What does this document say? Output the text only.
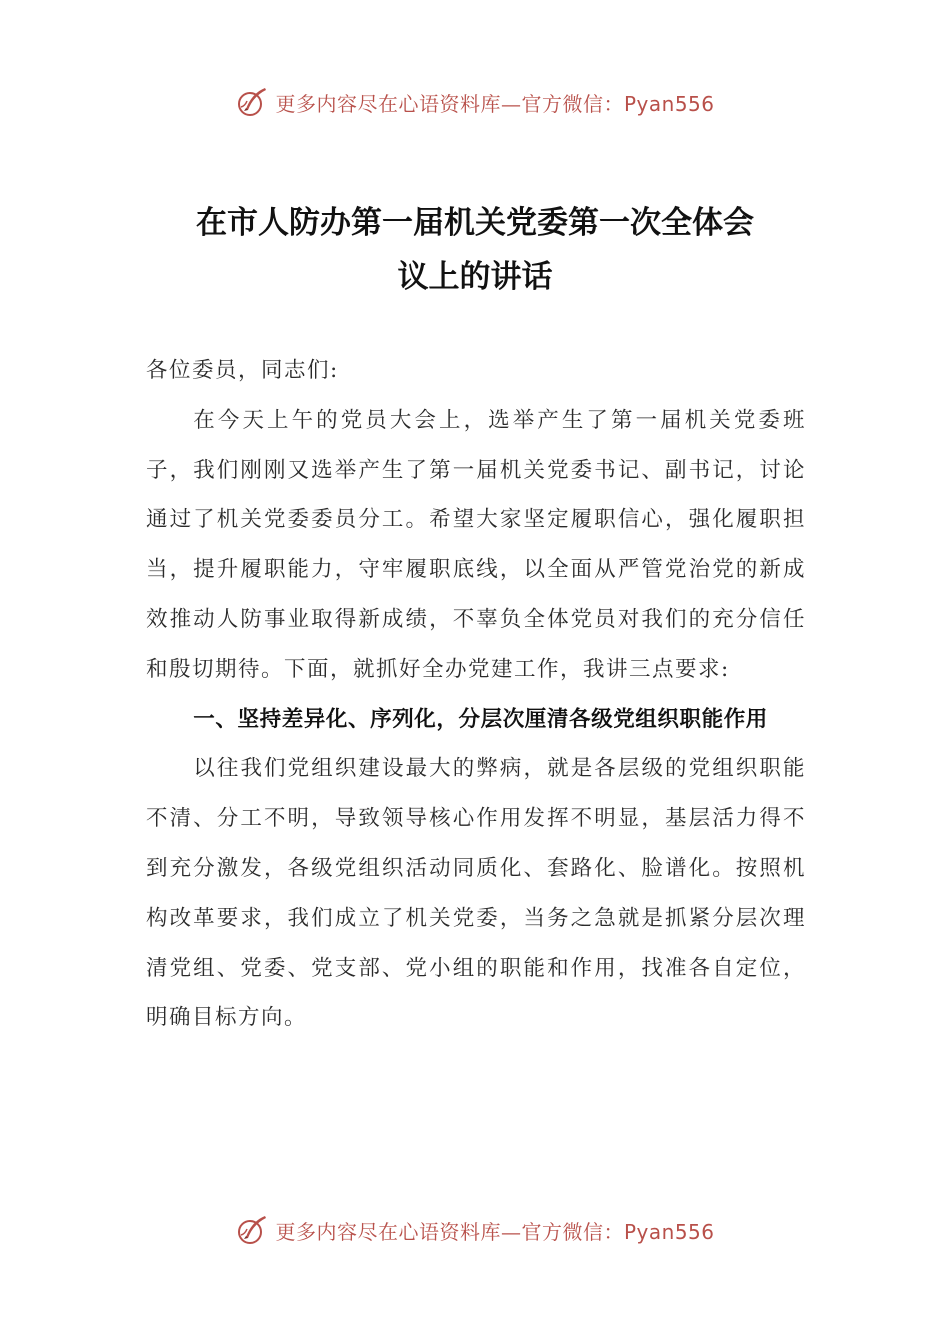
更多内容尽在心语资料库—官方微信：Pyan556
在市人防办第一届机关党委第一次全体会
议上的讲话

各位委员，同志们:

在今天上午的党员大会上，选举产生了第一届机关党委班子，我们刚刚又选举产生了第一届机关党委书记、副书记，讨论通过了机关党委委员分工。希望大家坚定履职信心，强化履职担当，提升履职能力，守牢履职底线，以全面从严管党治党的新成效推动人防事业取得新成绩，不辜负全体党员对我们的充分信任和殷切期待。下面，就抓好全办党建工作，我讲三点要求:

一、坚持差异化、序列化，分层次厘清各级党组织职能作用

以往我们党组织建设最大的弊病，就是各层级的党组织职能不清、分工不明，导致领导核心作用发挥不明显，基层活力得不到充分激发，各级党组织活动同质化、套路化、脸谱化。按照机构改革要求，我们成立了机关党委，当务之急就是抓紧分层次理清党组、党委、党支部、党小组的职能和作用，找准各自定位，明确目标方向。

更多内容尽在心语资料库—官方微信：Pyan556
